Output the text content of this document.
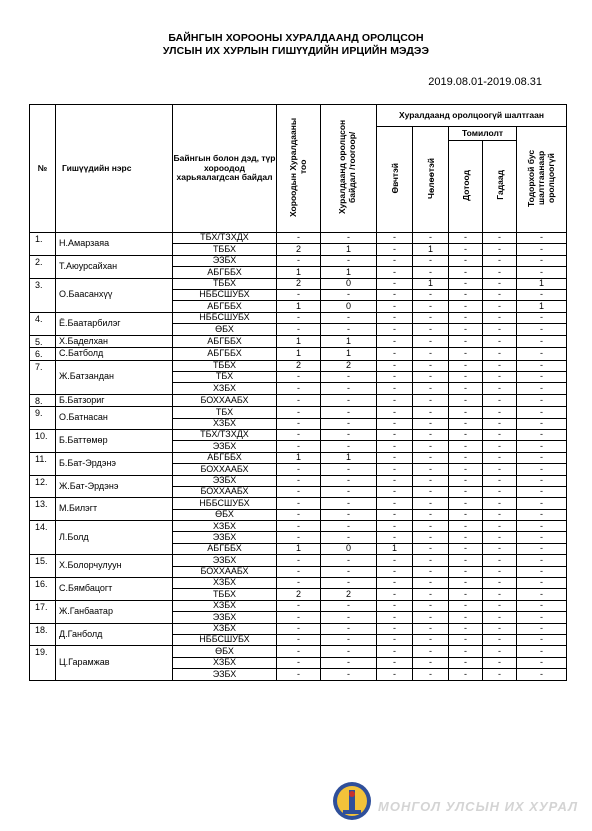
БАЙНГЫН ХОРООНЫ ХУРАЛДААНД ОРОЛЦСОН
УЛСЫН ИХ ХУРЛЫН ГИШҮҮДИЙН ИРЦИЙН МЭДЭЭ
2019.08.01-2019.08.31
№	Гишүүдийн нэрс	Байнгын болон дэд, түр хороодод харьяалагдсан байдал	Хороодын Хуралдааны тоо	Хуралдаанд оролцсон байдал /тоогоор/	Хуралдаанд оролцоогүй шалтгаан				
					Өвчтэй	Чөлөөтэй	Томилолт		Тодорхой бус шалтгаанаар оролцоогүй
							Дотоод	Гадаад	
1.	Н.Амарзаяа	ТБХ/ТЗХДХ	-	-	-	-	-	-	-
		ТББХ	2	1	-	1	-	-	-
2.	Т.Аюурсайхан	ЭЗБХ	-	-	-	-	-	-	-
		АБГББХ	1	1	-	-	-	-	-
3.	О.Баасанхүү	ТББХ	2	0	-	1	-	-	1
		НББСШУБХ	-	-	-	-	-	-	-
		АБГББХ	1	0	-	-	-	-	1
4.	Ё.Баатарбилэг	НББСШУБХ	-	-	-	-	-	-	-
		ӨБХ	-	-	-	-	-	-	-
5.	Х.Баделхан	АБГББХ	1	1	-	-	-	-	-
6.	С.Батболд	АБГББХ	1	1	-	-	-	-	-
7.	Ж.Батзандан	ТББХ	2	2	-	-	-	-	-
		ТБХ	-	-	-	-	-	-	-
		ХЗБХ	-	-	-	-	-	-	-
8.	Б.Батзориг	БОХХААБХ	-	-	-	-	-	-	-
9.	О.Батнасан	ТБХ	-	-	-	-	-	-	-
		ХЗБХ	-	-	-	-	-	-	-
10.	Б.Баттөмөр	ТБХ/ТЗХДХ	-	-	-	-	-	-	-
		ЭЗБХ	-	-	-	-	-	-	-
11.	Б.Бат-Эрдэнэ	АБГББХ	1	1	-	-	-	-	-
		БОХХААБХ	-	-	-	-	-	-	-
12.	Ж.Бат-Эрдэнэ	ЭЗБХ	-	-	-	-	-	-	-
		БОХХААБХ	-	-	-	-	-	-	-
13.	М.Билэгт	НББСШУБХ	-	-	-	-	-	-	-
		ӨБХ	-	-	-	-	-	-	-
14.	Л.Болд	ХЗБХ	-	-	-	-	-	-	-
		ЭЗБХ	-	-	-	-	-	-	-
		АБГББХ	1	0	1	-	-	-	-
15.	Х.Болорчулуун	ЭЗБХ	-	-	-	-	-	-	-
		БОХХААБХ	-	-	-	-	-	-	-
16.	С.Бямбацогт	ХЗБХ	-	-	-	-	-	-	-
		ТББХ	2	2	-	-	-	-	-
17.	Ж.Ганбаатар	ХЗБХ	-	-	-	-	-	-	-
		ЭЗБХ	-	-	-	-	-	-	-
18.	Д.Ганболд	ХЗБХ	-	-	-	-	-	-	-
		НББСШУБХ	-	-	-	-	-	-	-
19.	Ц.Гарамжав	ӨБХ	-	-	-	-	-	-	-
		ХЗБХ	-	-	-	-	-	-	-
		ЭЗБХ	-	-	-	-	-	-	-
МОНГОЛ УЛСЫН ИХ ХУРАЛ
